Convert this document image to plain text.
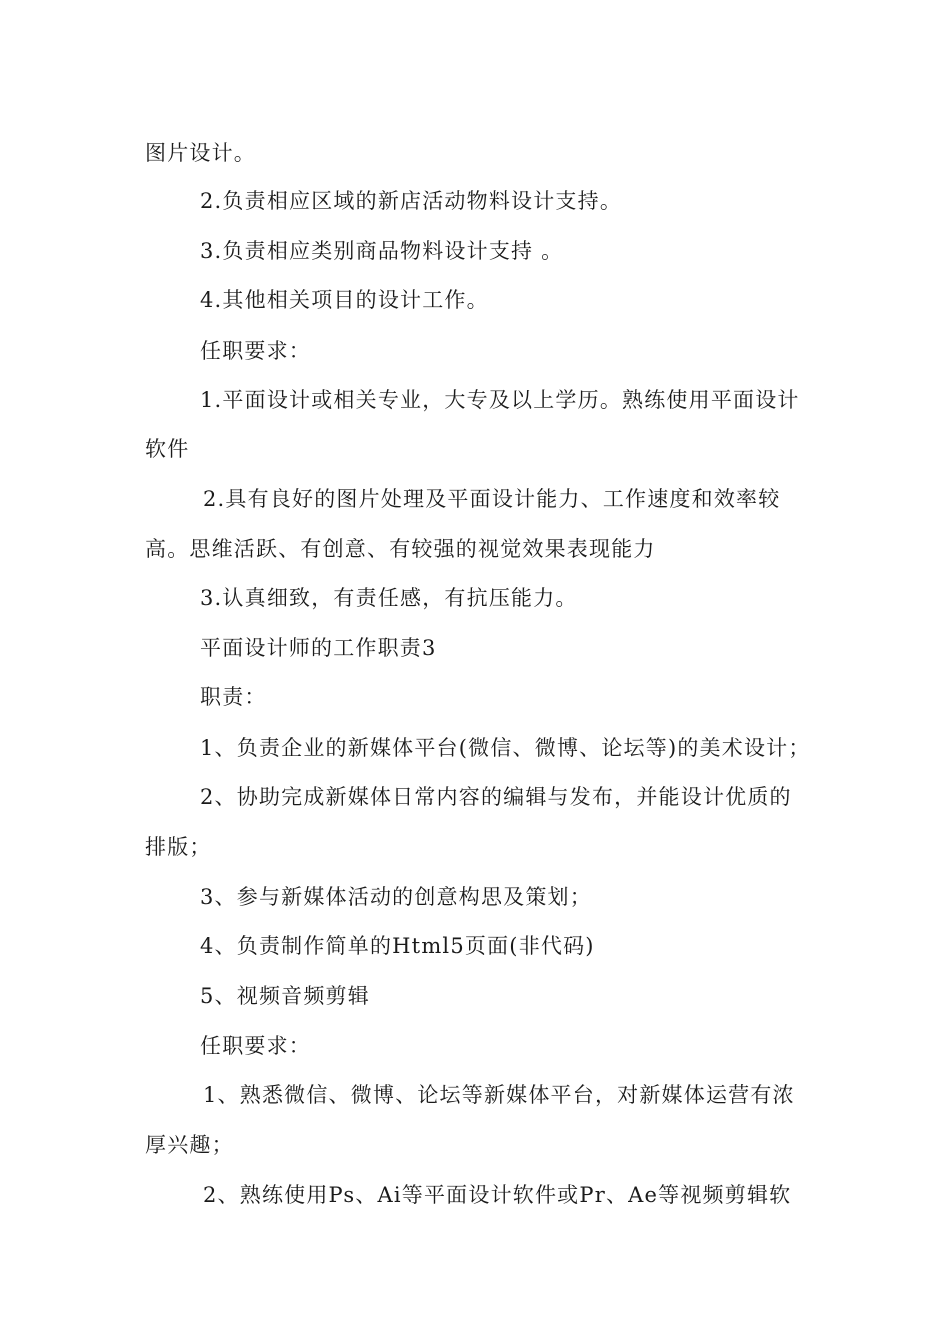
图片设计。
2.负责相应区域的新店活动物料设计支持。
3.负责相应类别商品物料设计支持 。
4.其他相关项目的设计工作。
任职要求：
1.平面设计或相关专业，大专及以上学历。熟练使用平面设计
软件
2.具有良好的图片处理及平面设计能力、工作速度和效率较
高。思维活跃、有创意、有较强的视觉效果表现能力
3.认真细致，有责任感，有抗压能力。
平面设计师的工作职责3
职责：
1、负责企业的新媒体平台(微信、微博、论坛等)的美术设计；
2、协助完成新媒体日常内容的编辑与发布，并能设计优质的
排版；
3、参与新媒体活动的创意构思及策划；
4、负责制作简单的Html5页面(非代码)
5、视频音频剪辑
任职要求：
1、熟悉微信、微博、论坛等新媒体平台，对新媒体运营有浓
厚兴趣；
2、熟练使用Ps、Ai等平面设计软件或Pr、Ae等视频剪辑软
